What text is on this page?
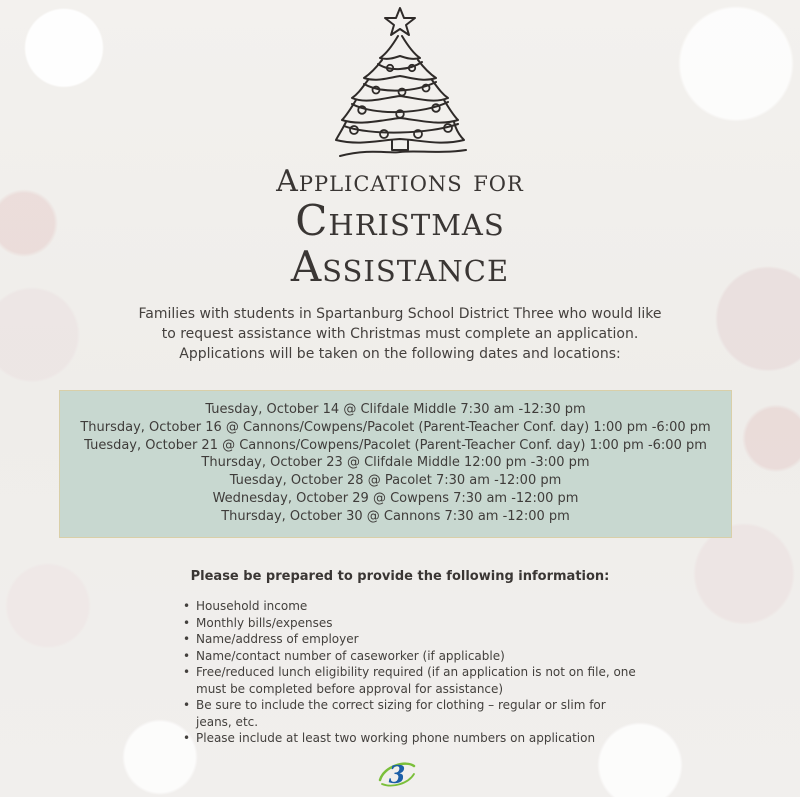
Applications for
Christmas
Assistance
Families with students in Spartanburg School District Three who would like
to request assistance with Christmas must complete an application.
Applications will be taken on the following dates and locations:
Tuesday, October 14 @ Clifdale Middle 7:30 am -12:30 pm
Thursday, October 16 @ Cannons/Cowpens/Pacolet (Parent-Teacher Conf. day) 1:00 pm -6:00 pm
Tuesday, October 21 @ Cannons/Cowpens/Pacolet (Parent-Teacher Conf. day) 1:00 pm -6:00 pm
Thursday, October 23 @ Clifdale Middle 12:00 pm -3:00 pm
Tuesday, October 28 @ Pacolet 7:30 am -12:00 pm
Wednesday, October 29 @ Cowpens 7:30 am -12:00 pm
Thursday, October 30 @ Cannons 7:30 am -12:00 pm
Please be prepared to provide the following information:
• Household income
• Monthly bills/expenses
• Name/address of employer
• Name/contact number of caseworker (if applicable)
• Free/reduced lunch eligibility required (if an application is not on file, one must be completed before approval for assistance)
• Be sure to include the correct sizing for clothing – regular or slim for jeans, etc.
• Please include at least two working phone numbers on application
3
